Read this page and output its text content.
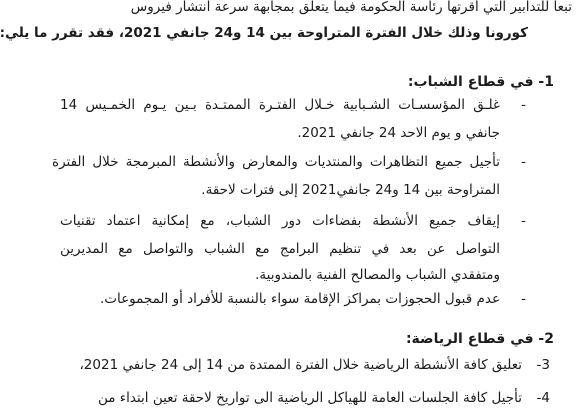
تبعا للتدابير التي أقرتها رئاسة الحكومة فيما يتعلق بمجابهة سرعة انتشار فيروس
كورونا وذلك خلال الفترة المتراوحة بين 14 و24 جانفي 2021، فقد تقرر ما يلي:
1- في قطاع الشباب:
-
غلـق المؤسسـات الشـبابية خـلال الفتـرة الممتـدة بـين يـوم الخمـيس 14
جانفي و يوم الاحد 24 جانفي 2021.
-
تأجيل جميع التظاهرات والمنتديات والمعارض والأنشطة المبرمجة خلال الفترة
المتراوحة بين 14 و24 جانفي2021 إلى فترات لاحقة.
-
إيقاف جميع الأنشطة بفضاءات دور الشباب، مع إمكانية اعتماد تقنيات
التواصل عن بعد في تنظيم البرامج مع الشباب والتواصل مع المديرين
ومتفقدي الشباب والمصالح الفنية بالمندوبية.
-
عدم قبول الحجوزات بمراكز الإقامة سواء بالنسبة للأفراد أو المجموعات.
2- في قطاع الرياضة:
3-
تعليق كافة الأنشطة الرياضية خلال الفترة الممتدة من 14 إلى 24 جانفي 2021،
4-
تأجيل كافة الجلسات العامة للهياكل الرياضية الى تواريخ لاحقة تعين ابتداء من
